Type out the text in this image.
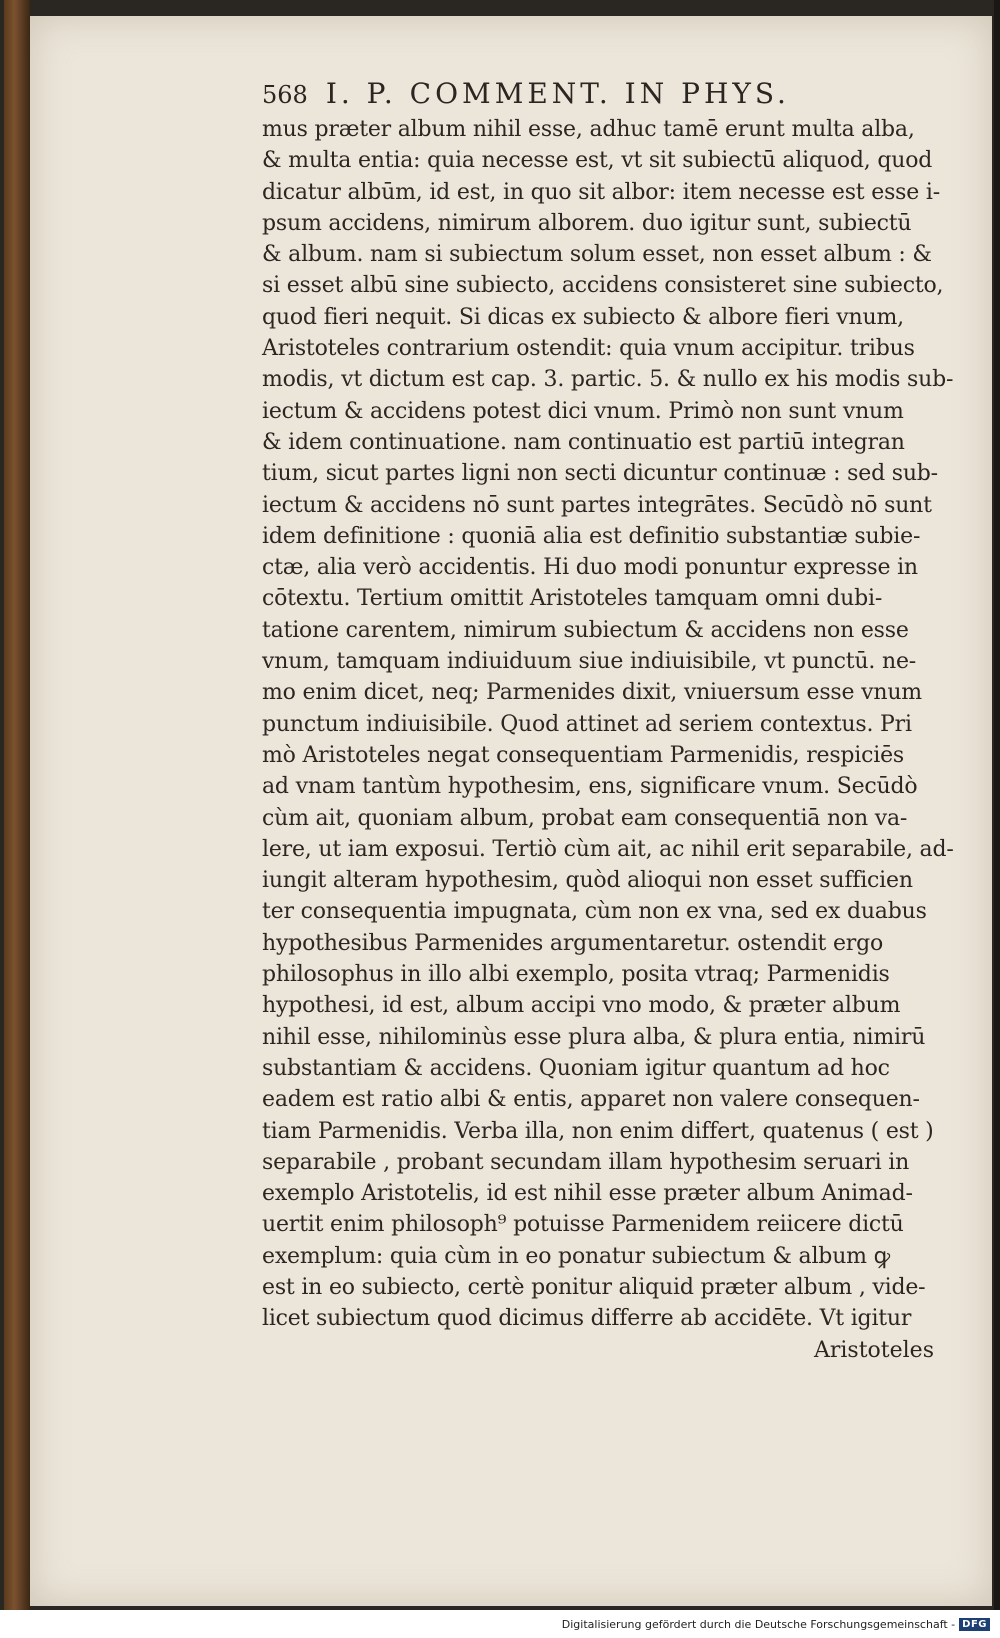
568 I. P. COMMENT. IN PHYS.
mus præter album nihil esse, adhuc tamē erunt multa alba,
& multa entia: quia necesse est, vt sit subiectū aliquod, quod
dicatur albūm, id est, in quo sit albor: item necesse est esse i-
psum accidens, nimirum alborem. duo igitur sunt, subiectū
& album. nam si subiectum solum esset, non esset album : &
si esset albū sine subiecto, accidens consisteret sine subiecto,
quod fieri nequit. Si dicas ex subiecto & albore fieri vnum,
Aristoteles contrarium ostendit: quia vnum accipitur. tribus
modis, vt dictum est cap. 3. partic. 5. & nullo ex his modis sub-
iectum & accidens potest dici vnum. Primò non sunt vnum
& idem continuatione. nam continuatio est partiū integran
tium, sicut partes ligni non secti dicuntur continuæ : sed sub-
iectum & accidens nō sunt partes integrātes. Secūdò nō sunt
idem definitione : quoniā alia est definitio substantiæ subie-
ctæ, alia verò accidentis. Hi duo modi ponuntur expresse in
cōtextu. Tertium omittit Aristoteles tamquam omni dubi-
tatione carentem, nimirum subiectum & accidens non esse
vnum, tamquam indiuiduum siue indiuisibile, vt punctū. ne-
mo enim dicet, neq; Parmenides dixit, vniuersum esse vnum
punctum indiuisibile. Quod attinet ad seriem contextus. Pri
mò Aristoteles negat consequentiam Parmenidis, respiciēs
ad vnam tantùm hypothesim, ens, significare vnum. Secūdò
cùm ait, quoniam album, probat eam consequentiā non va-
lere, ut iam exposui. Tertiò cùm ait, ac nihil erit separabile, ad-
iungit alteram hypothesim, quòd alioqui non esset sufficien
ter consequentia impugnata, cùm non ex vna, sed ex duabus
hypothesibus Parmenides argumentaretur. ostendit ergo
philosophus in illo albi exemplo, posita vtraq; Parmenidis
hypothesi, id est, album accipi vno modo, & præter album
nihil esse, nihilominùs esse plura alba, & plura entia, nimirū
substantiam & accidens. Quoniam igitur quantum ad hoc
eadem est ratio albi & entis, apparet non valere consequen-
tiam Parmenidis. Verba illa, non enim differt, quatenus ( est )
separabile , probant secundam illam hypothesim seruari in
exemplo Aristotelis, id est nihil esse præter album Animad-
uertit enim philosoph⁹ potuisse Parmenidem reiicere dictū
exemplum: quia cùm in eo ponatur subiectum & album ꝙ
est in eo subiecto, certè ponitur aliquid præter album , vide-
licet subiectum quod dicimus differre ab accidēte. Vt igitur
Aristoteles
Digitalisierung gefördert durch die Deutsche Forschungsgemeinschaft - DFG
